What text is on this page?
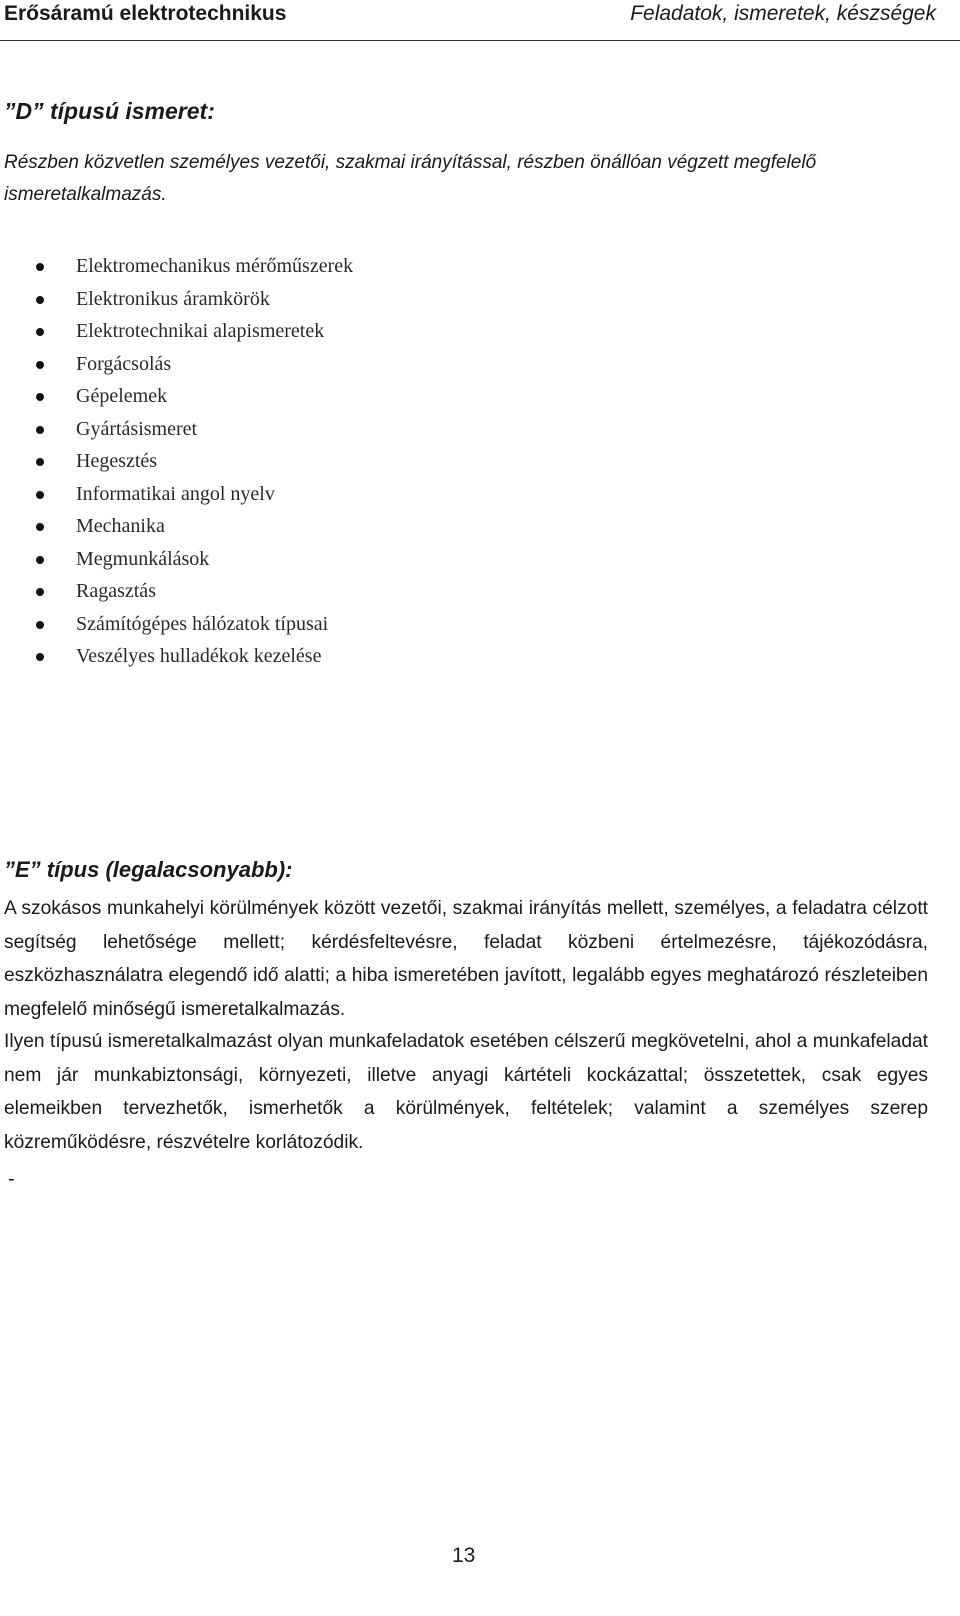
Erősáramú elektrotechnikus	Feladatok, ismeretek, készségek
”D” típusú ismeret:
Részben közvetlen személyes vezetői, szakmai irányítással, részben önállóan végzett megfelelő ismeretalkalmazás.
Elektromechanikus mérőműszerek
Elektronikus áramkörök
Elektrotechnikai alapismeretek
Forgácsolás
Gépelemek
Gyártásismeret
Hegesztés
Informatikai angol nyelv
Mechanika
Megmunkálások
Ragasztás
Számítógépes hálózatok típusai
Veszélyes hulladékok kezelése
”E” típus (legalacsonyabb):
A szokásos munkahelyi körülmények között vezetői, szakmai irányítás mellett, személyes, a feladatra célzott segítség lehetősége mellett; kérdésfeltevésre, feladat közbeni értelmezésre, tájékozódásra, eszközhasználatra elegendő idő alatti; a hiba ismeretében javított, legalább egyes meghatározó részleteiben megfelelő minőségű ismeretalkalmazás.
Ilyen típusú ismeretalkalmazást olyan munkafeladatok esetében célszerű megkövetelni, ahol a munkafeladat nem jár munkabiztonsági, környezeti, illetve anyagi kártételi kockázattal; összetettek, csak egyes elemeikben tervezhetők, ismerhetők a körülmények, feltételek; valamint a személyes szerep közreműködésre, részvételre korlátozódik.
-
13
